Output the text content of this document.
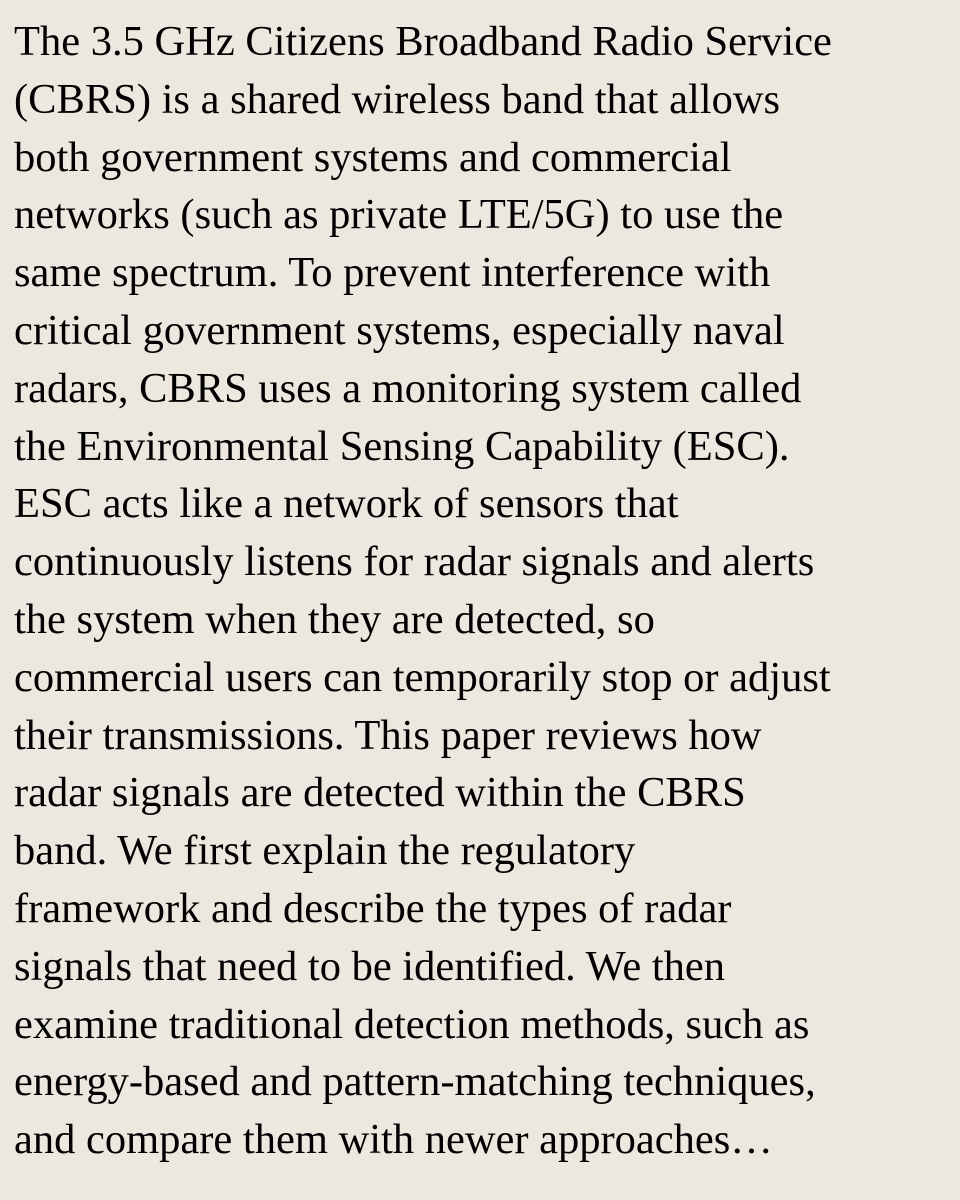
The 3.5 GHz Citizens Broadband Radio Service
(CBRS) is a shared wireless band that allows
both government systems and commercial
networks (such as private LTE/5G) to use the
same spectrum. To prevent interference with
critical government systems, especially naval
radars, CBRS uses a monitoring system called
the Environmental Sensing Capability (ESC).
ESC acts like a network of sensors that
continuously listens for radar signals and alerts
the system when they are detected, so
commercial users can temporarily stop or adjust
their transmissions. This paper reviews how
radar signals are detected within the CBRS
band. We first explain the regulatory
framework and describe the types of radar
signals that need to be identified. We then
examine traditional detection methods, such as
energy-based and pattern-matching techniques,
and compare them with newer approaches…
